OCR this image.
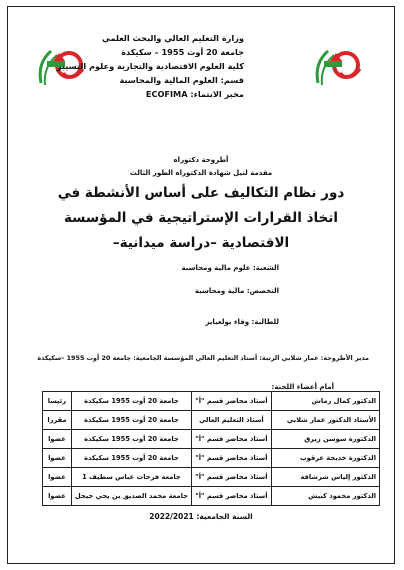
وزارة التعليم العالي والبحث العلمي
جامعة 20 أوت 1955 – سكيكدة
كلية العلوم الاقتصادية والتجارية وعلوم التسيير
قسم: العلوم المالية والمحاسبة
مخبر الانتماء: ECOFIMA
أطروحة دكتوراه
مقدمة لنيل شهادة الدكتوراه الطور الثالث
دور نظام التكاليف على أساس الأنشطة في
اتخاذ القرارات الإستراتيجية في المؤسسة
الاقتصادية –دراسة ميدانية–
الشعبة: علوم مالية ومحاسبة
التخصص: مالية ومحاسبة
للطالبة: وفاء بولعيايز
مدير الأطروحة: عمار شلابي الرتبة: أستاذ التعليم العالي المؤسسة الجامعية: جامعة 20 أوت 1955 –سكيكدة
أمام أعضاء اللجنة:
الدكتور كمال رماش	أستاذ محاضر قسم "أ"	جامعة 20 أوت 1955 سكيكدة	رئيسا
الأستاذ الدكتور عمار شلابي	أستاذ التعليم العالي	جامعة 20 أوت 1955 سكيكدة	مقررا
الدكتورة سوسن زيرق	أستاذ محاضر قسم "أ"	جامعة 20 أوت 1955 سكيكدة	عضوا
الدكتورة خديجة عرقوب	أستاذ محاضر قسم "أ"	جامعة 20 أوت 1955 سكيكدة	عضوا
الدكتور إلياس شرشافة	أستاذ محاضر قسم "أ"	جامعة فرحات عباس سطيف 1	عضوا
الدكتور محمود كبيش	أستاذ محاضر قسم "أ"	جامعة محمد الصديق بن يحي جيجل	عضوا
السنة الجامعية: 2022/2021
